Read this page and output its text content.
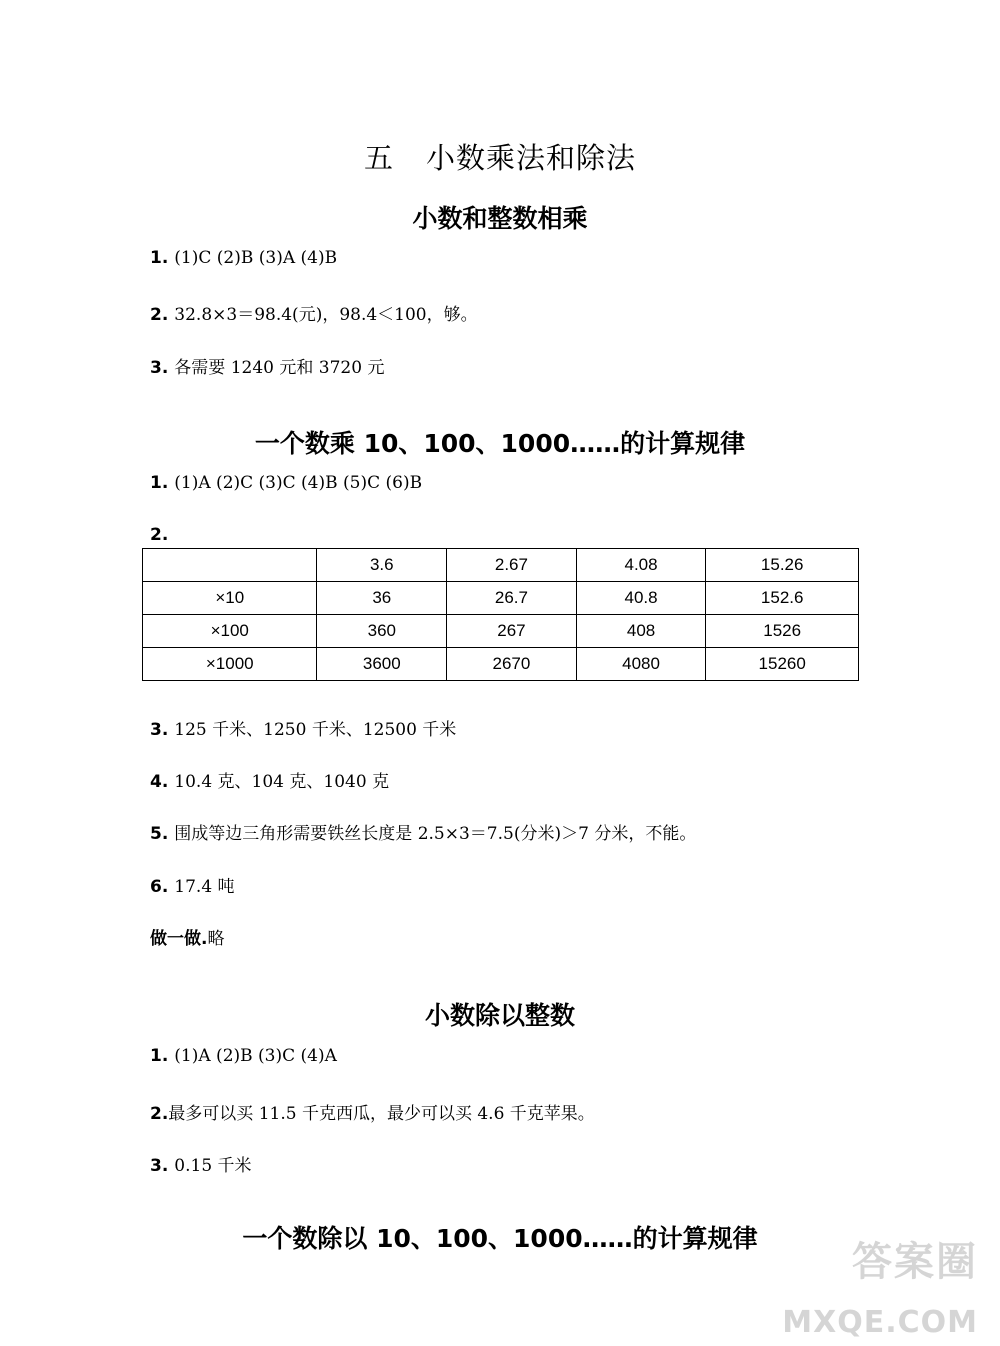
五 小数乘法和除法
小数和整数相乘
1. (1)C (2)B (3)A (4)B
2. 32.8×3＝98.4(元)，98.4＜100，够。
3. 各需要 1240 元和 3720 元
一个数乘 10、100、1000……的计算规律
1. (1)A (2)C (3)C (4)B (5)C (6)B
2.
	3.6	2.67	4.08	15.26
×10	36	26.7	40.8	152.6
×100	360	267	408	1526
×1000	3600	2670	4080	15260
3. 125 千米、1250 千米、12500 千米
4. 10.4 克、104 克、1040 克
5. 围成等边三角形需要铁丝长度是 2.5×3＝7.5(分米)＞7 分米，不能。
6. 17.4 吨
做一做.略
小数除以整数
1. (1)A (2)B (3)C (4)A
2.最多可以买 11.5 千克西瓜，最少可以买 4.6 千克苹果。
3. 0.15 千米
一个数除以 10、100、1000……的计算规律
答案圈
MXQE.COM
